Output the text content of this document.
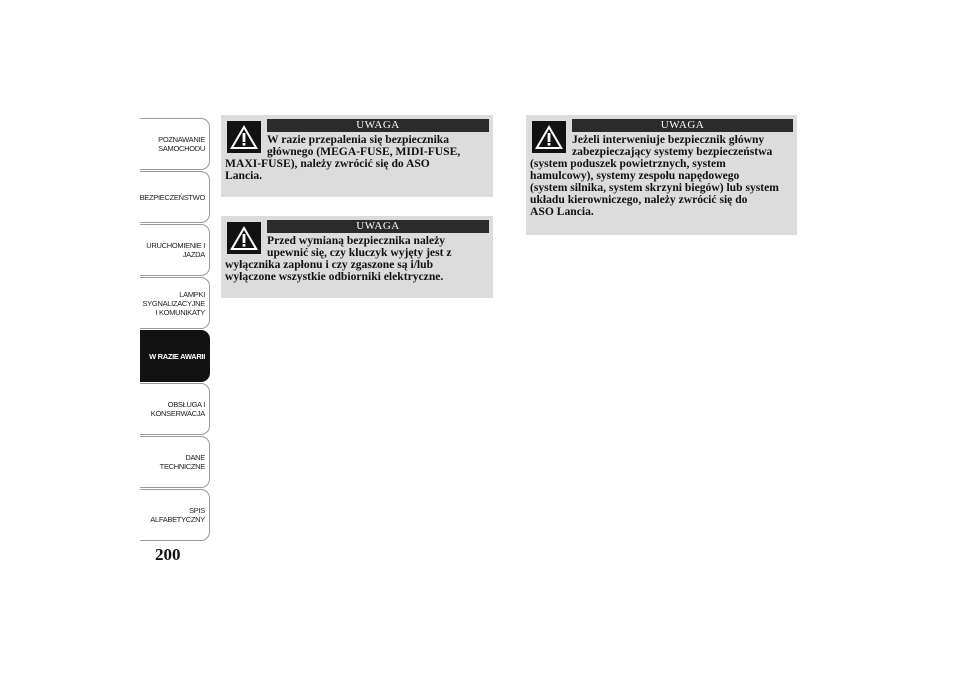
POZNAWANIE
SAMOCHODU
BEZPIECZEŃSTWO
URUCHOMIENIE I
JAZDA
LAMPKI
SYGNALIZACYJNE
I KOMUNIKATY
W RAZIE AWARII
OBSŁUGA I
KONSERWACJA
DANE
TECHNICZNE
SPIS
ALFABETYCZNY
200
UWAGA
W razie przepalenia się bezpiecznika
głównego (MEGA-FUSE, MIDI-FUSE,
MAXI-FUSE), należy zwrócić się do ASO
Lancia.
UWAGA
Przed wymianą bezpiecznika należy
upewnić się, czy kluczyk wyjęty jest z
wyłącznika zapłonu i czy zgaszone są i/lub
wyłączone wszystkie odbiorniki elektryczne.
UWAGA
Jeżeli interweniuje bezpiecznik główny
zabezpieczający systemy bezpieczeństwa
(system poduszek powietrznych, system
hamulcowy), systemy zespołu napędowego
(system silnika, system skrzyni biegów) lub system
układu kierowniczego, należy zwrócić się do
ASO Lancia.
